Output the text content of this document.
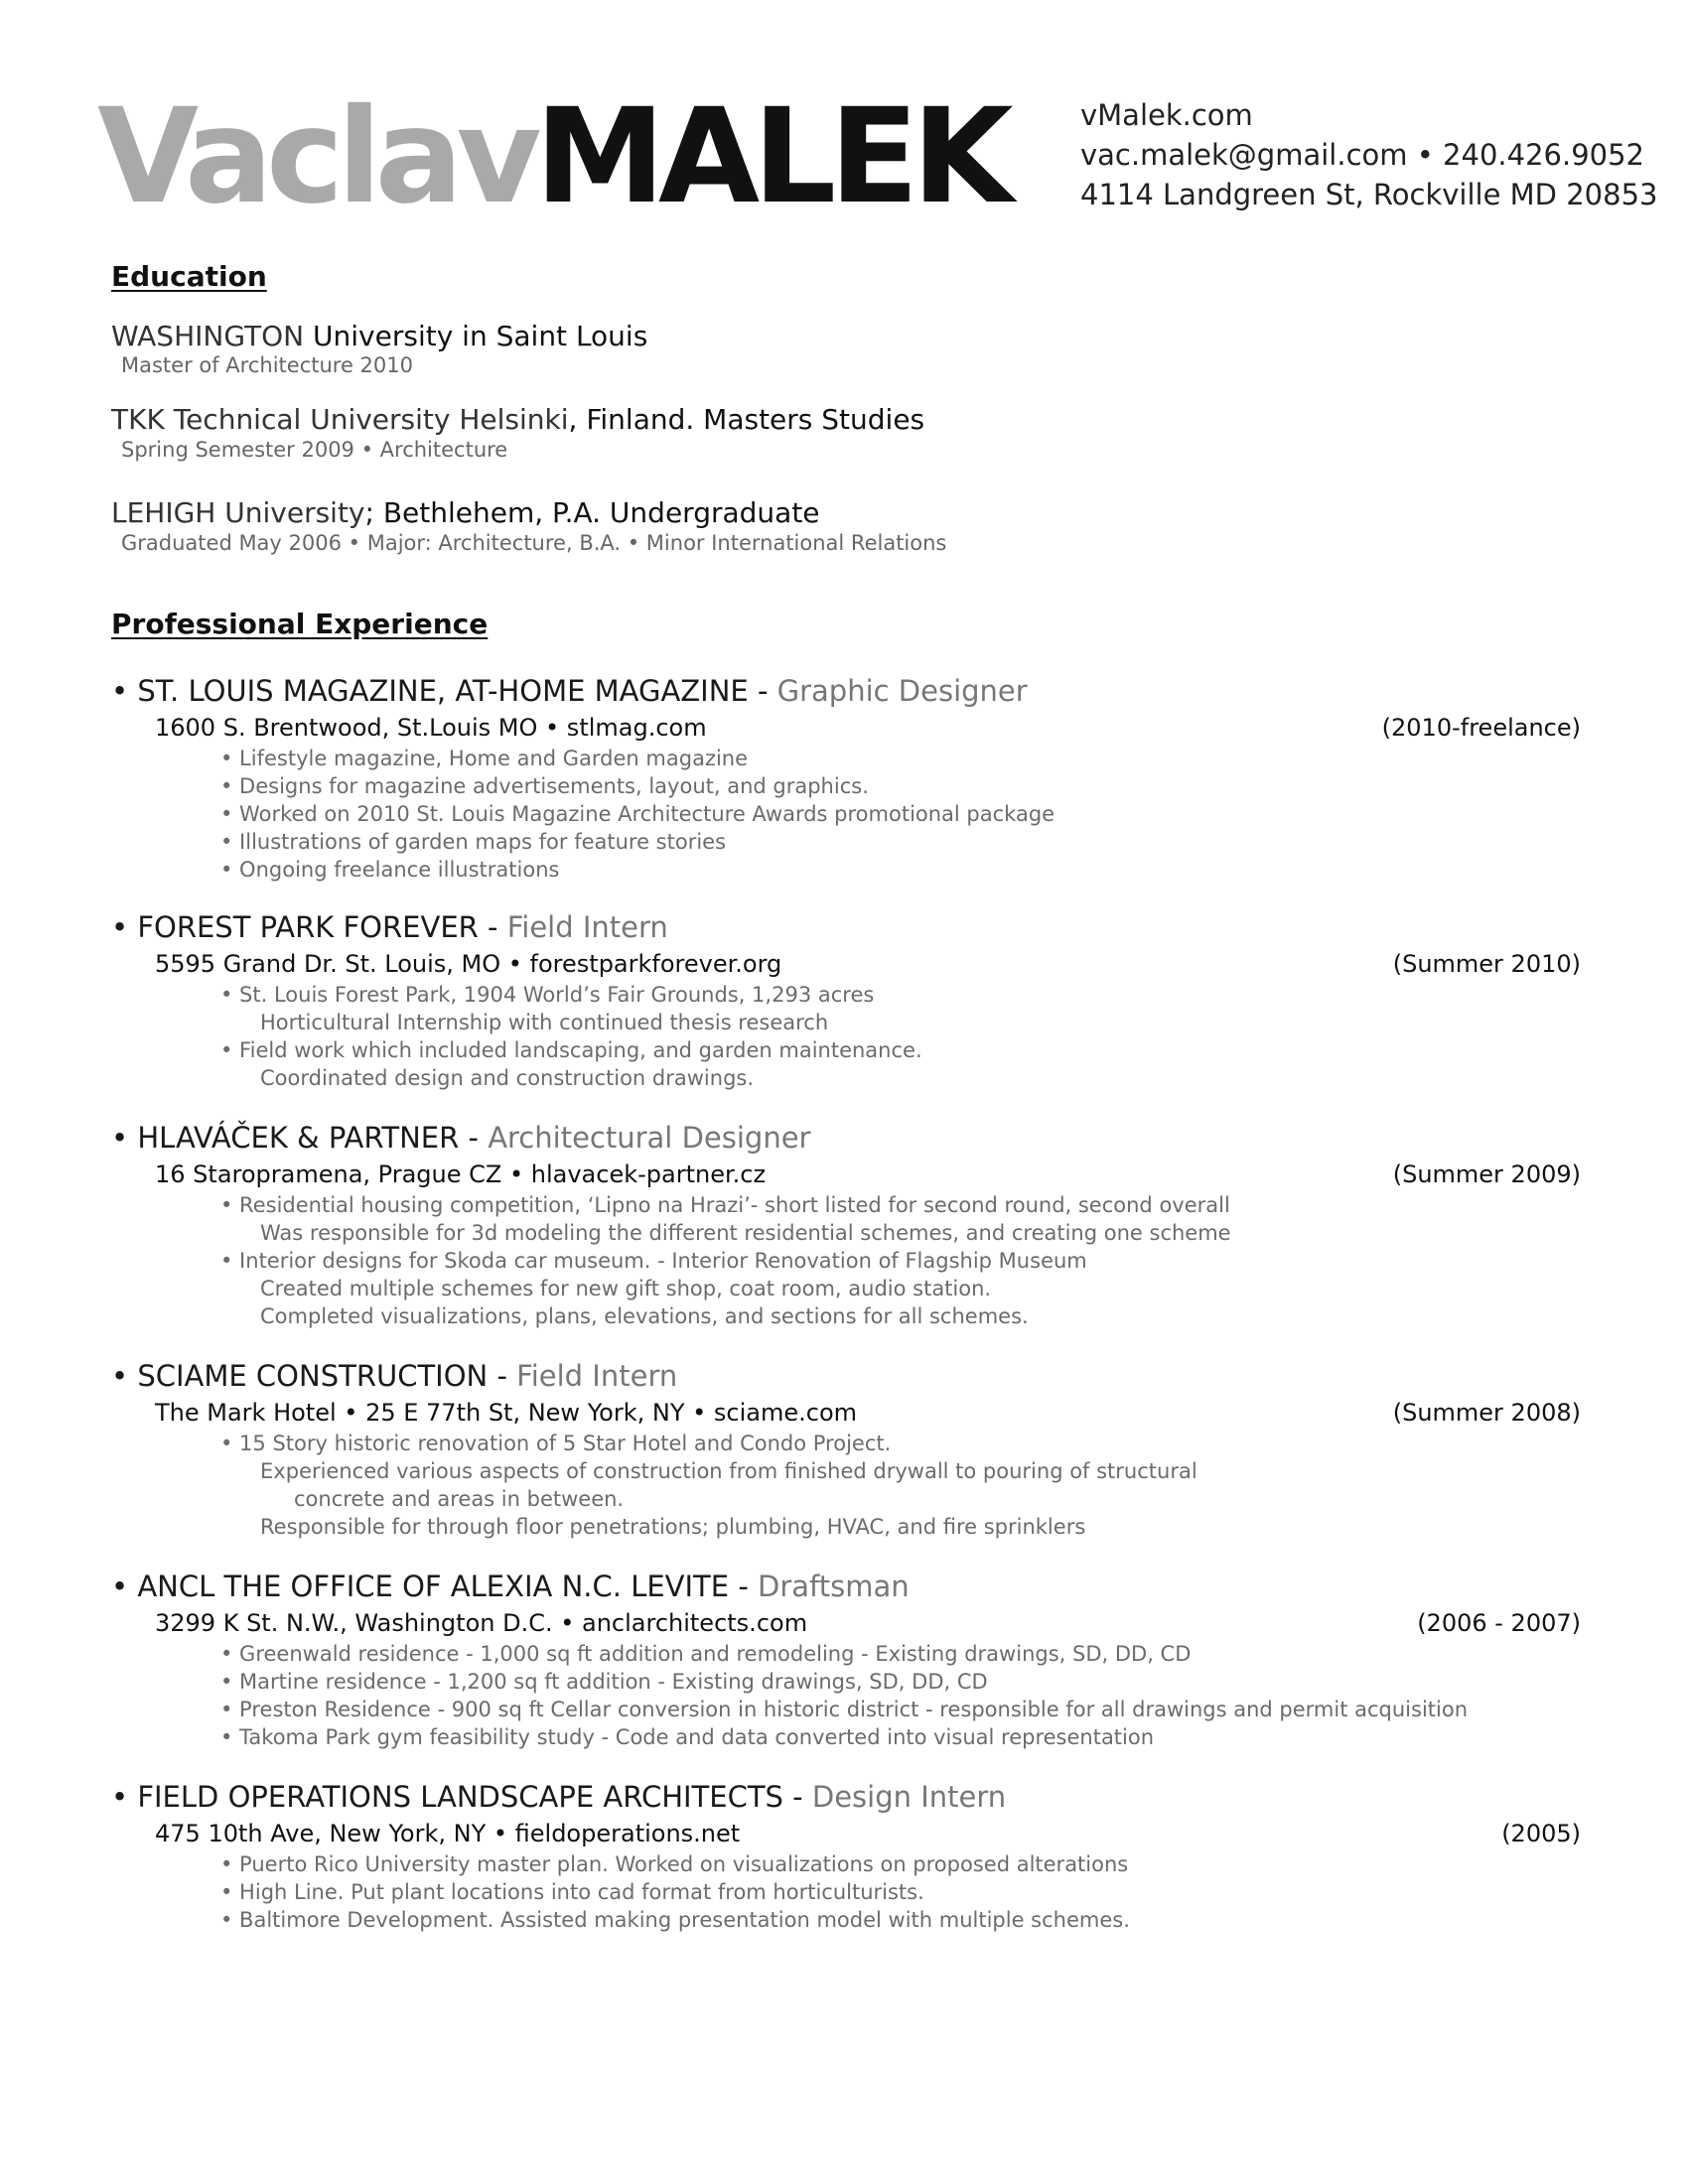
VaclavMALEK	vMalek.com
vac.malek@gmail.com • 240.426.9052
4114 Landgreen St, Rockville MD 20853
Education
WASHINGTON University in Saint Louis
Master of Architecture 2010
TKK Technical University Helsinki, Finland. Masters Studies
Spring Semester 2009 • Architecture
LEHIGH University; Bethlehem, P.A. Undergraduate
Graduated May 2006 • Major: Architecture, B.A. • Minor International Relations
Professional Experience
• ST. LOUIS MAGAZINE, AT-HOME MAGAZINE - Graphic Designer
1600 S. Brentwood, St.Louis MO • stlmag.com	(2010-freelance)
• Lifestyle magazine, Home and Garden magazine
• Designs for magazine advertisements, layout, and graphics.
• Worked on 2010 St. Louis Magazine Architecture Awards promotional package
• Illustrations of garden maps for feature stories
• Ongoing freelance illustrations
• FOREST PARK FOREVER - Field Intern
5595 Grand Dr. St. Louis, MO • forestparkforever.org	(Summer 2010)
• St. Louis Forest Park, 1904 World’s Fair Grounds, 1,293 acres
Horticultural Internship with continued thesis research
• Field work which included landscaping, and garden maintenance.
Coordinated design and construction drawings.
• HLAVÁČEK & PARTNER - Architectural Designer
16 Staropramena, Prague CZ • hlavacek-partner.cz	(Summer 2009)
• Residential housing competition, ‘Lipno na Hrazi’- short listed for second round, second overall
Was responsible for 3d modeling the different residential schemes, and creating one scheme
• Interior designs for Skoda car museum. - Interior Renovation of Flagship Museum
Created multiple schemes for new gift shop, coat room, audio station.
Completed visualizations, plans, elevations, and sections for all schemes.
• SCIAME CONSTRUCTION - Field Intern
The Mark Hotel • 25 E 77th St, New York, NY • sciame.com	(Summer 2008)
• 15 Story historic renovation of 5 Star Hotel and Condo Project.
Experienced various aspects of construction from finished drywall to pouring of structural
concrete and areas in between.
Responsible for through floor penetrations; plumbing, HVAC, and fire sprinklers
• ANCL THE OFFICE OF ALEXIA N.C. LEVITE - Draftsman
3299 K St. N.W., Washington D.C. • anclarchitects.com	(2006 - 2007)
• Greenwald residence - 1,000 sq ft addition and remodeling - Existing drawings, SD, DD, CD
• Martine residence - 1,200 sq ft addition - Existing drawings, SD, DD, CD
• Preston Residence - 900 sq ft Cellar conversion in historic district - responsible for all drawings and permit acquisition
• Takoma Park gym feasibility study - Code and data converted into visual representation
• FIELD OPERATIONS LANDSCAPE ARCHITECTS - Design Intern
475 10th Ave, New York, NY • fieldoperations.net	(2005)
• Puerto Rico University master plan. Worked on visualizations on proposed alterations
• High Line. Put plant locations into cad format from horticulturists.
• Baltimore Development. Assisted making presentation model with multiple schemes.
